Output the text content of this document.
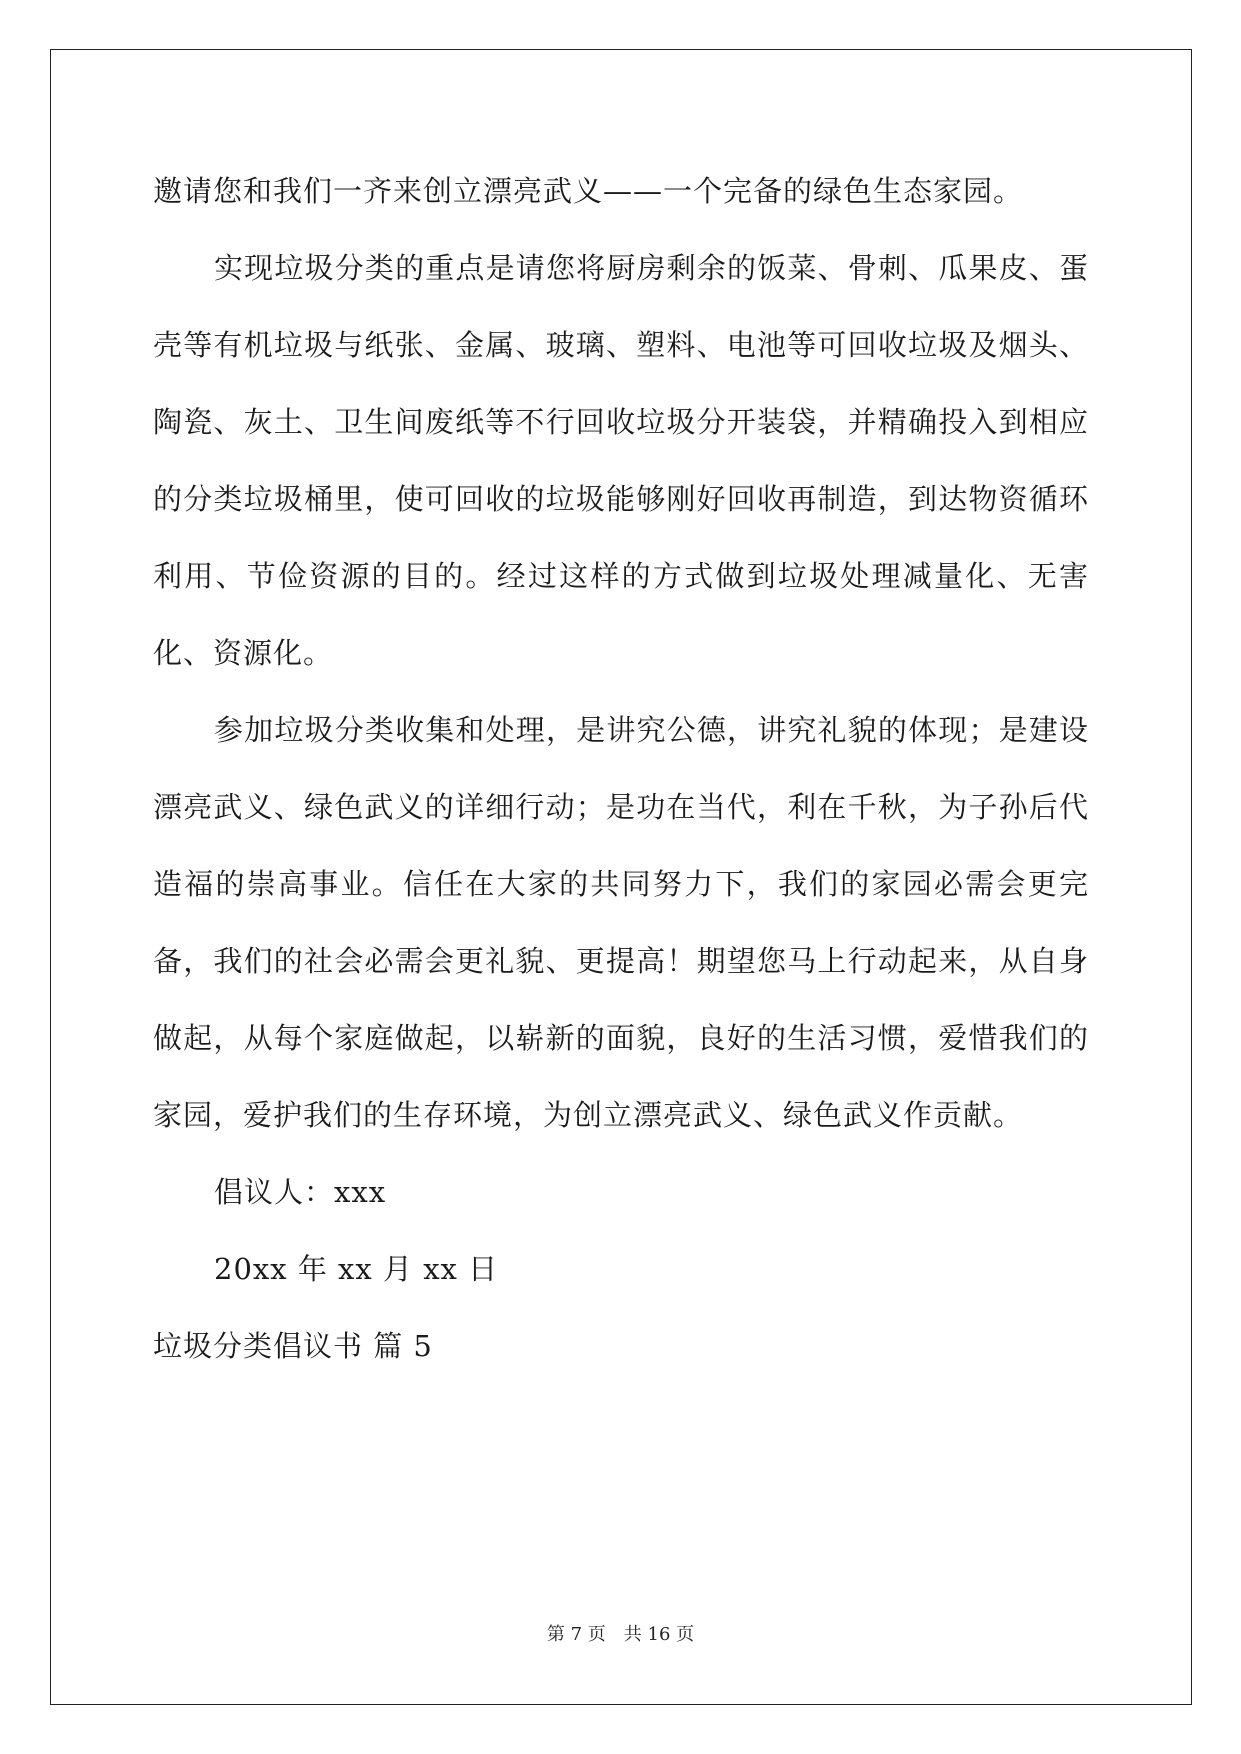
邀请您和我们一齐来创立漂亮武义——一个完备的绿色生态家园。

实现垃圾分类的重点是请您将厨房剩余的饭菜、骨刺、瓜果皮、蛋壳等有机垃圾与纸张、金属、玻璃、塑料、电池等可回收垃圾及烟头、陶瓷、灰土、卫生间废纸等不行回收垃圾分开装袋，并精确投入到相应的分类垃圾桶里，使可回收的垃圾能够刚好回收再制造，到达物资循环利用、节俭资源的目的。经过这样的方式做到垃圾处理减量化、无害化、资源化。

参加垃圾分类收集和处理，是讲究公德，讲究礼貌的体现；是建设漂亮武义、绿色武义的详细行动；是功在当代，利在千秋，为子孙后代造福的崇高事业。信任在大家的共同努力下，我们的家园必需会更完备，我们的社会必需会更礼貌、更提高！期望您马上行动起来，从自身做起，从每个家庭做起，以崭新的面貌，良好的生活习惯，爱惜我们的家园，爱护我们的生存环境，为创立漂亮武义、绿色武义作贡献。

倡议人：xxx

20xx 年 xx 月 xx 日

垃圾分类倡议书 篇 5

第 7 页 共 16 页
